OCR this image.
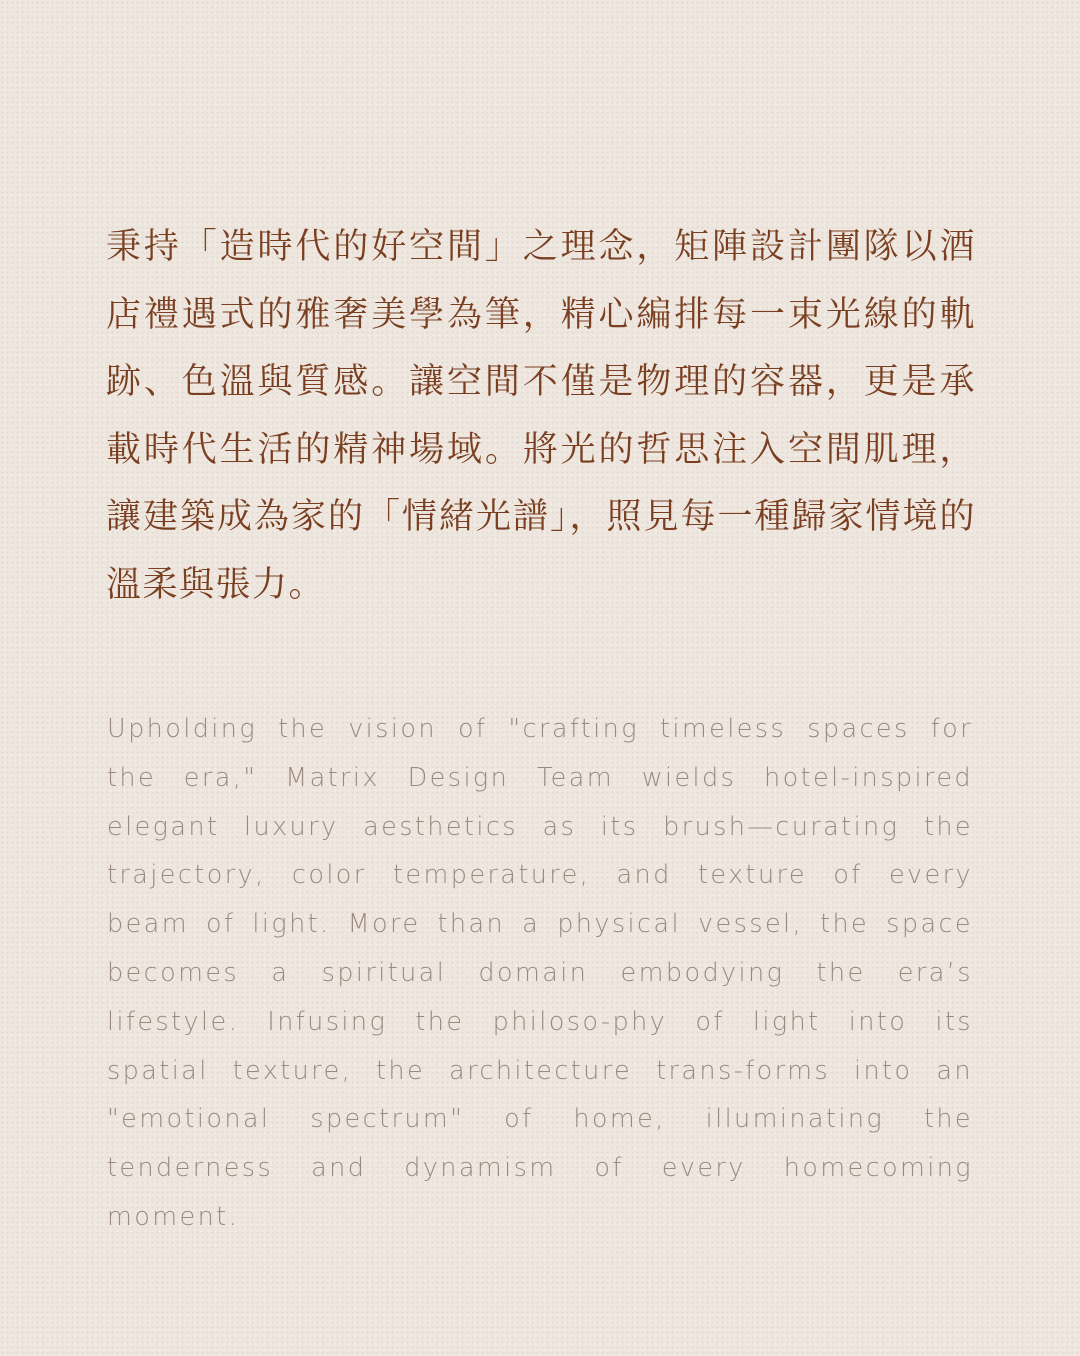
秉持「造時代的好空間」之理念，矩陣設計團隊以酒店禮遇式的雅奢美學為筆，精心編排每一束光線的軌跡、色溫與質感。讓空間不僅是物理的容器，更是承載時代生活的精神場域。將光的哲思注入空間肌理，讓建築成為家的「情緒光譜」，照見每一種歸家情境的溫柔與張力。

Upholding the vision of "crafting timeless spaces for the era," Matrix Design Team wields hotel-inspired elegant luxury aesthetics as its brush—curating the trajectory, color temperature, and texture of every beam of light. More than a physical vessel, the space becomes a spiritual domain embodying the era’s lifestyle. Infusing the philoso-phy of light into its spatial texture, the architecture trans-forms into an "emotional spectrum" of home, illuminating the tenderness and dynamism of every homecoming moment.
